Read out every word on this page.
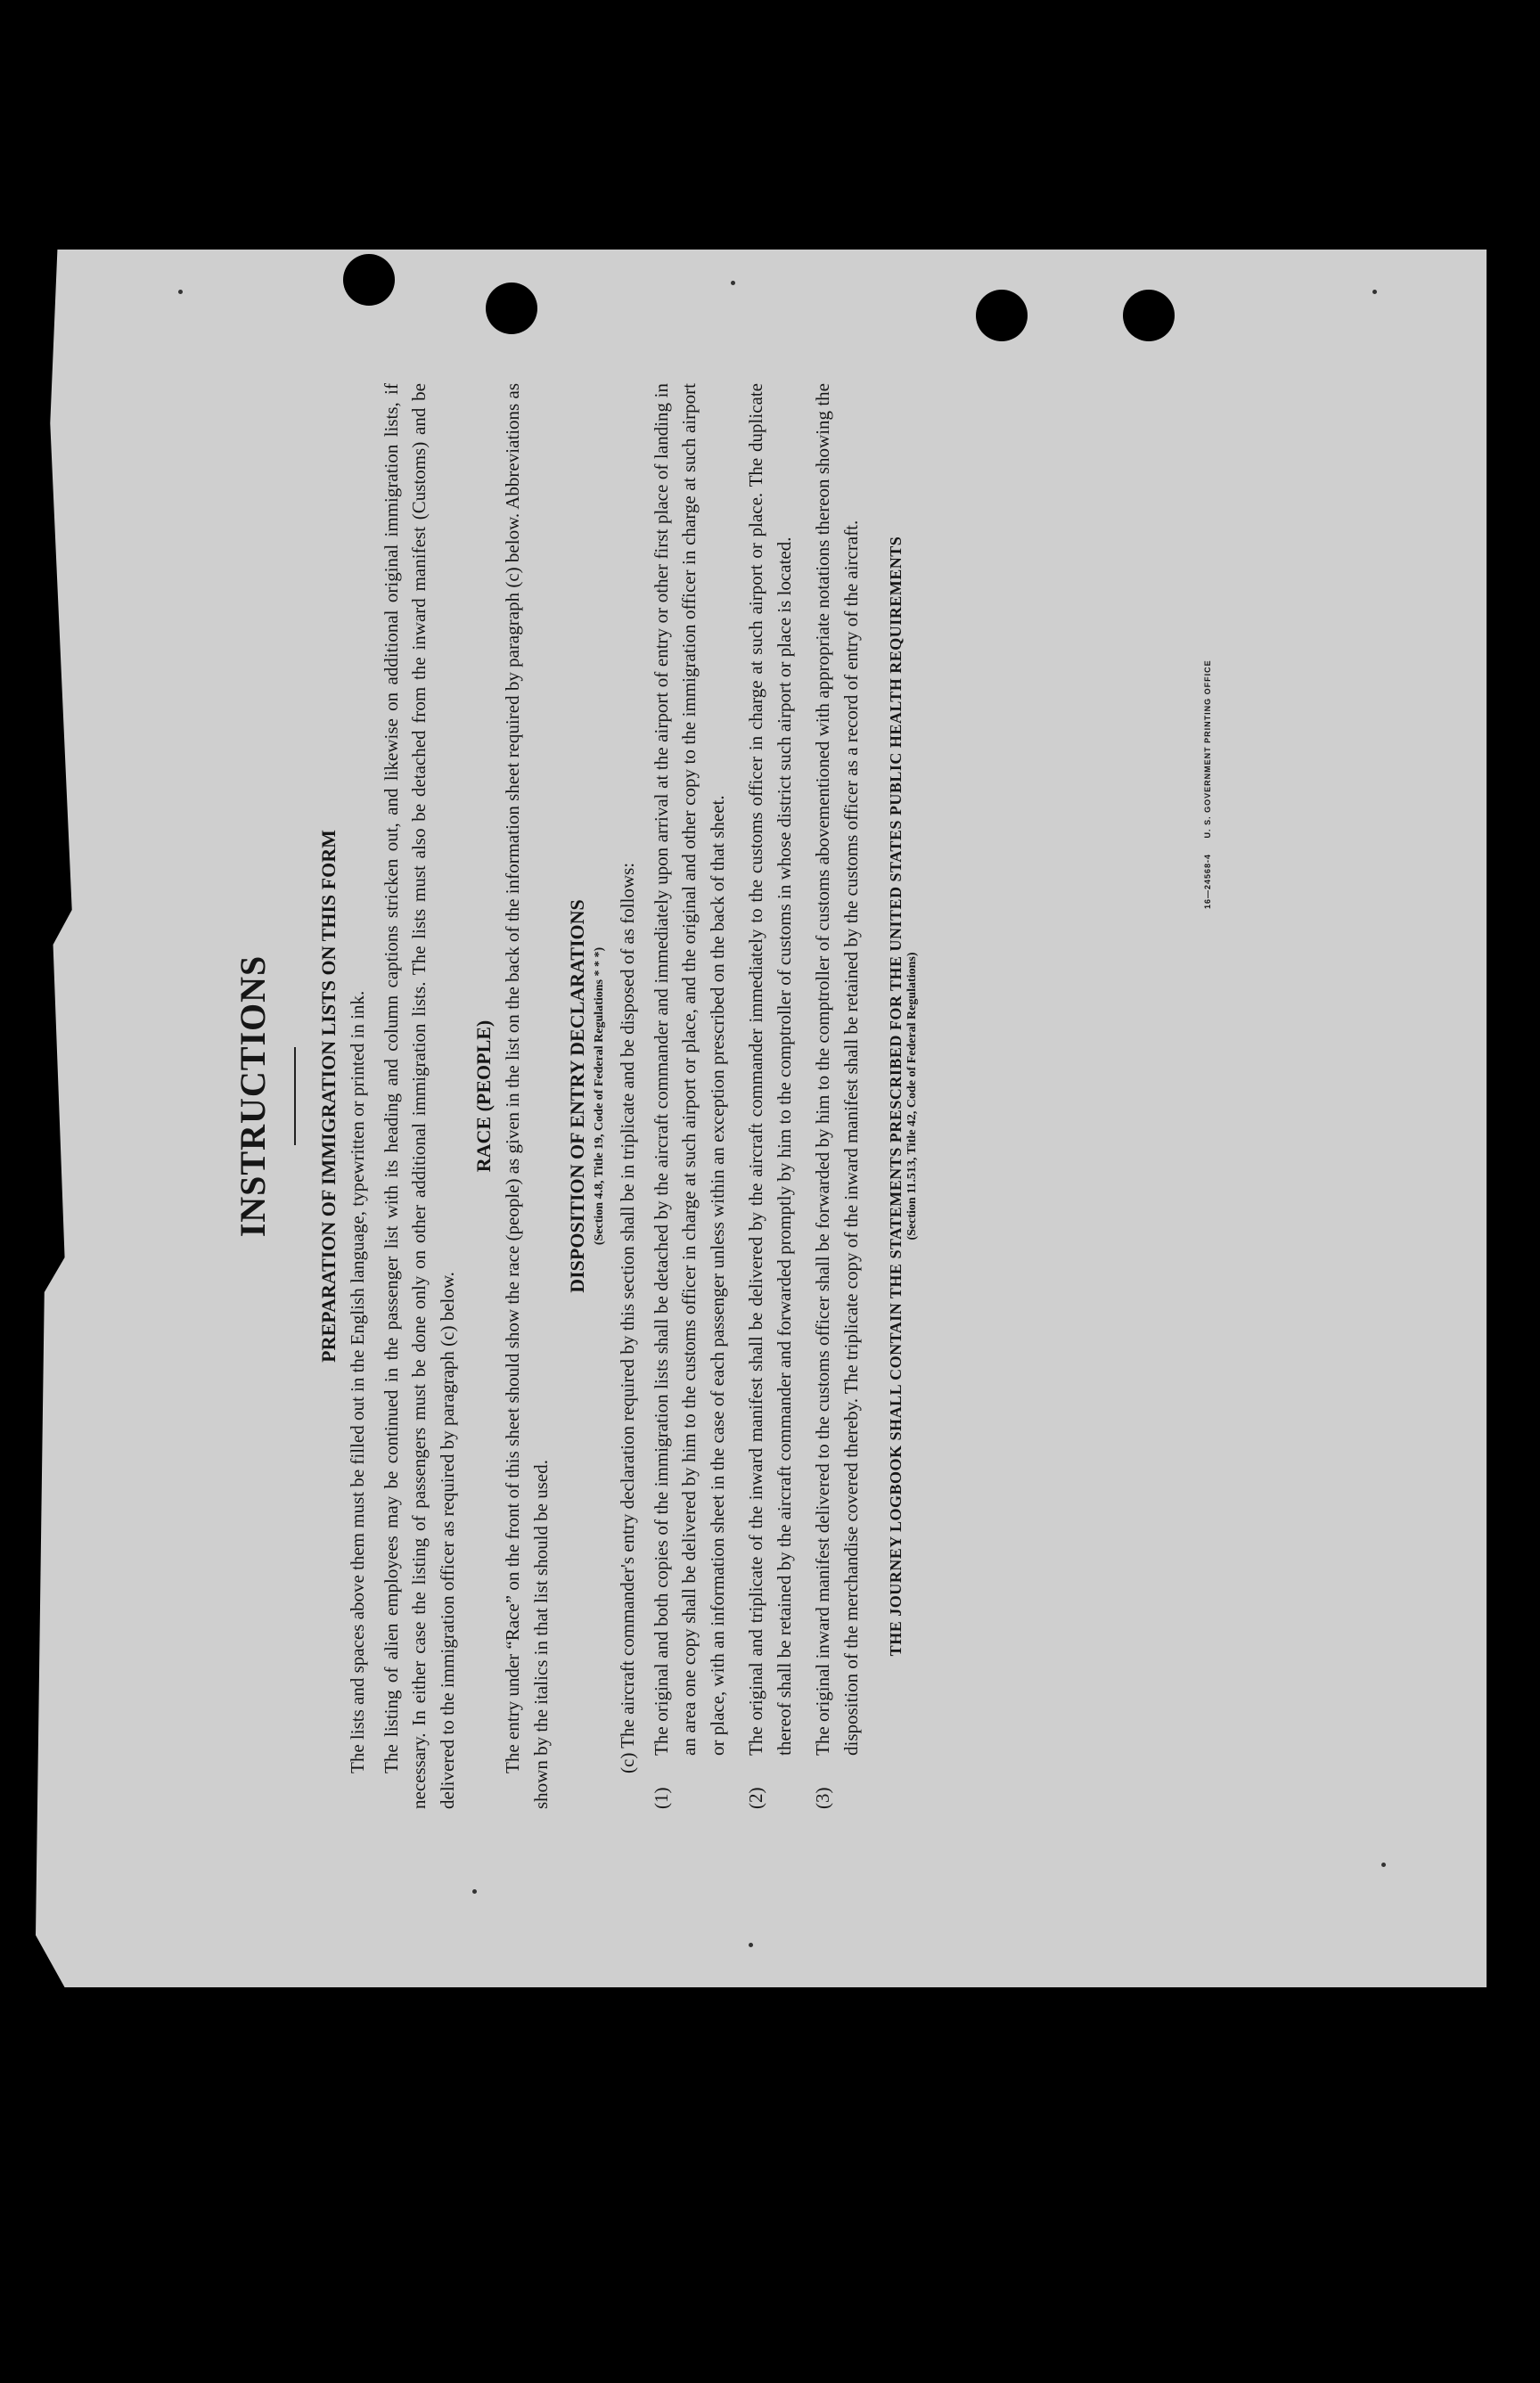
INSTRUCTIONS PREPARATION OF IMMIGRATION LISTS ON THIS FORM The lists and spaces above them must be filled out in the English language, typewritten or printed in ink. The listing of alien employees may be continued in the passenger list with its heading and column captions stricken out, and likewise on additional original immigration lists, if necessary. In either case the listing of passengers must be done only on other additional immigration lists. The lists must also be detached from the inward manifest (Customs) and be delivered to the immigration officer as required by paragraph (c) below.

RACE (PEOPLE) The entry under “Race” on the front of this sheet should show the race (people) as given in the list on the back of the information sheet required by paragraph (c) below. Abbreviations as shown by the italics in that list should be used.

DISPOSITION OF ENTRY DECLARATIONS (Section 4.8, Title 19, Code of Federal Regulations * * *) (c) The aircraft commander's entry declaration required by this section shall be in triplicate and be disposed of as follows:

(1)
The original and both copies of the immigration lists shall be detached by the aircraft commander and immediately upon arrival at the airport of entry or other first place of landing in an area one copy shall be delivered by him to the customs officer in charge at such airport or place, and the original and other copy to the immigration officer in charge at such airport or place, with an information sheet in the case of each passenger unless within an exception prescribed on the back of that sheet.
(2)
The original and triplicate of the inward manifest shall be delivered by the aircraft commander immediately to the customs officer in charge at such airport or place. The duplicate thereof shall be retained by the aircraft commander and forwarded promptly by him to the comptroller of customs in whose district such airport or place is located.
(3)
The original inward manifest delivered to the customs officer shall be forwarded by him to the comptroller of customs abovementioned with appropriate notations thereon showing the disposition of the merchandise covered thereby. The triplicate copy of the inward manifest shall be retained by the customs officer as a record of entry of the aircraft. THE JOURNEY LOGBOOK SHALL CONTAIN THE STATEMENTS PRESCRIBED FOR THE UNITED STATES PUBLIC HEALTH REQUIREMENTS (Section 11.513, Title 42, Code of Federal Regulations)
16—24568-4 U. S. GOVERNMENT PRINTING OFFICE
